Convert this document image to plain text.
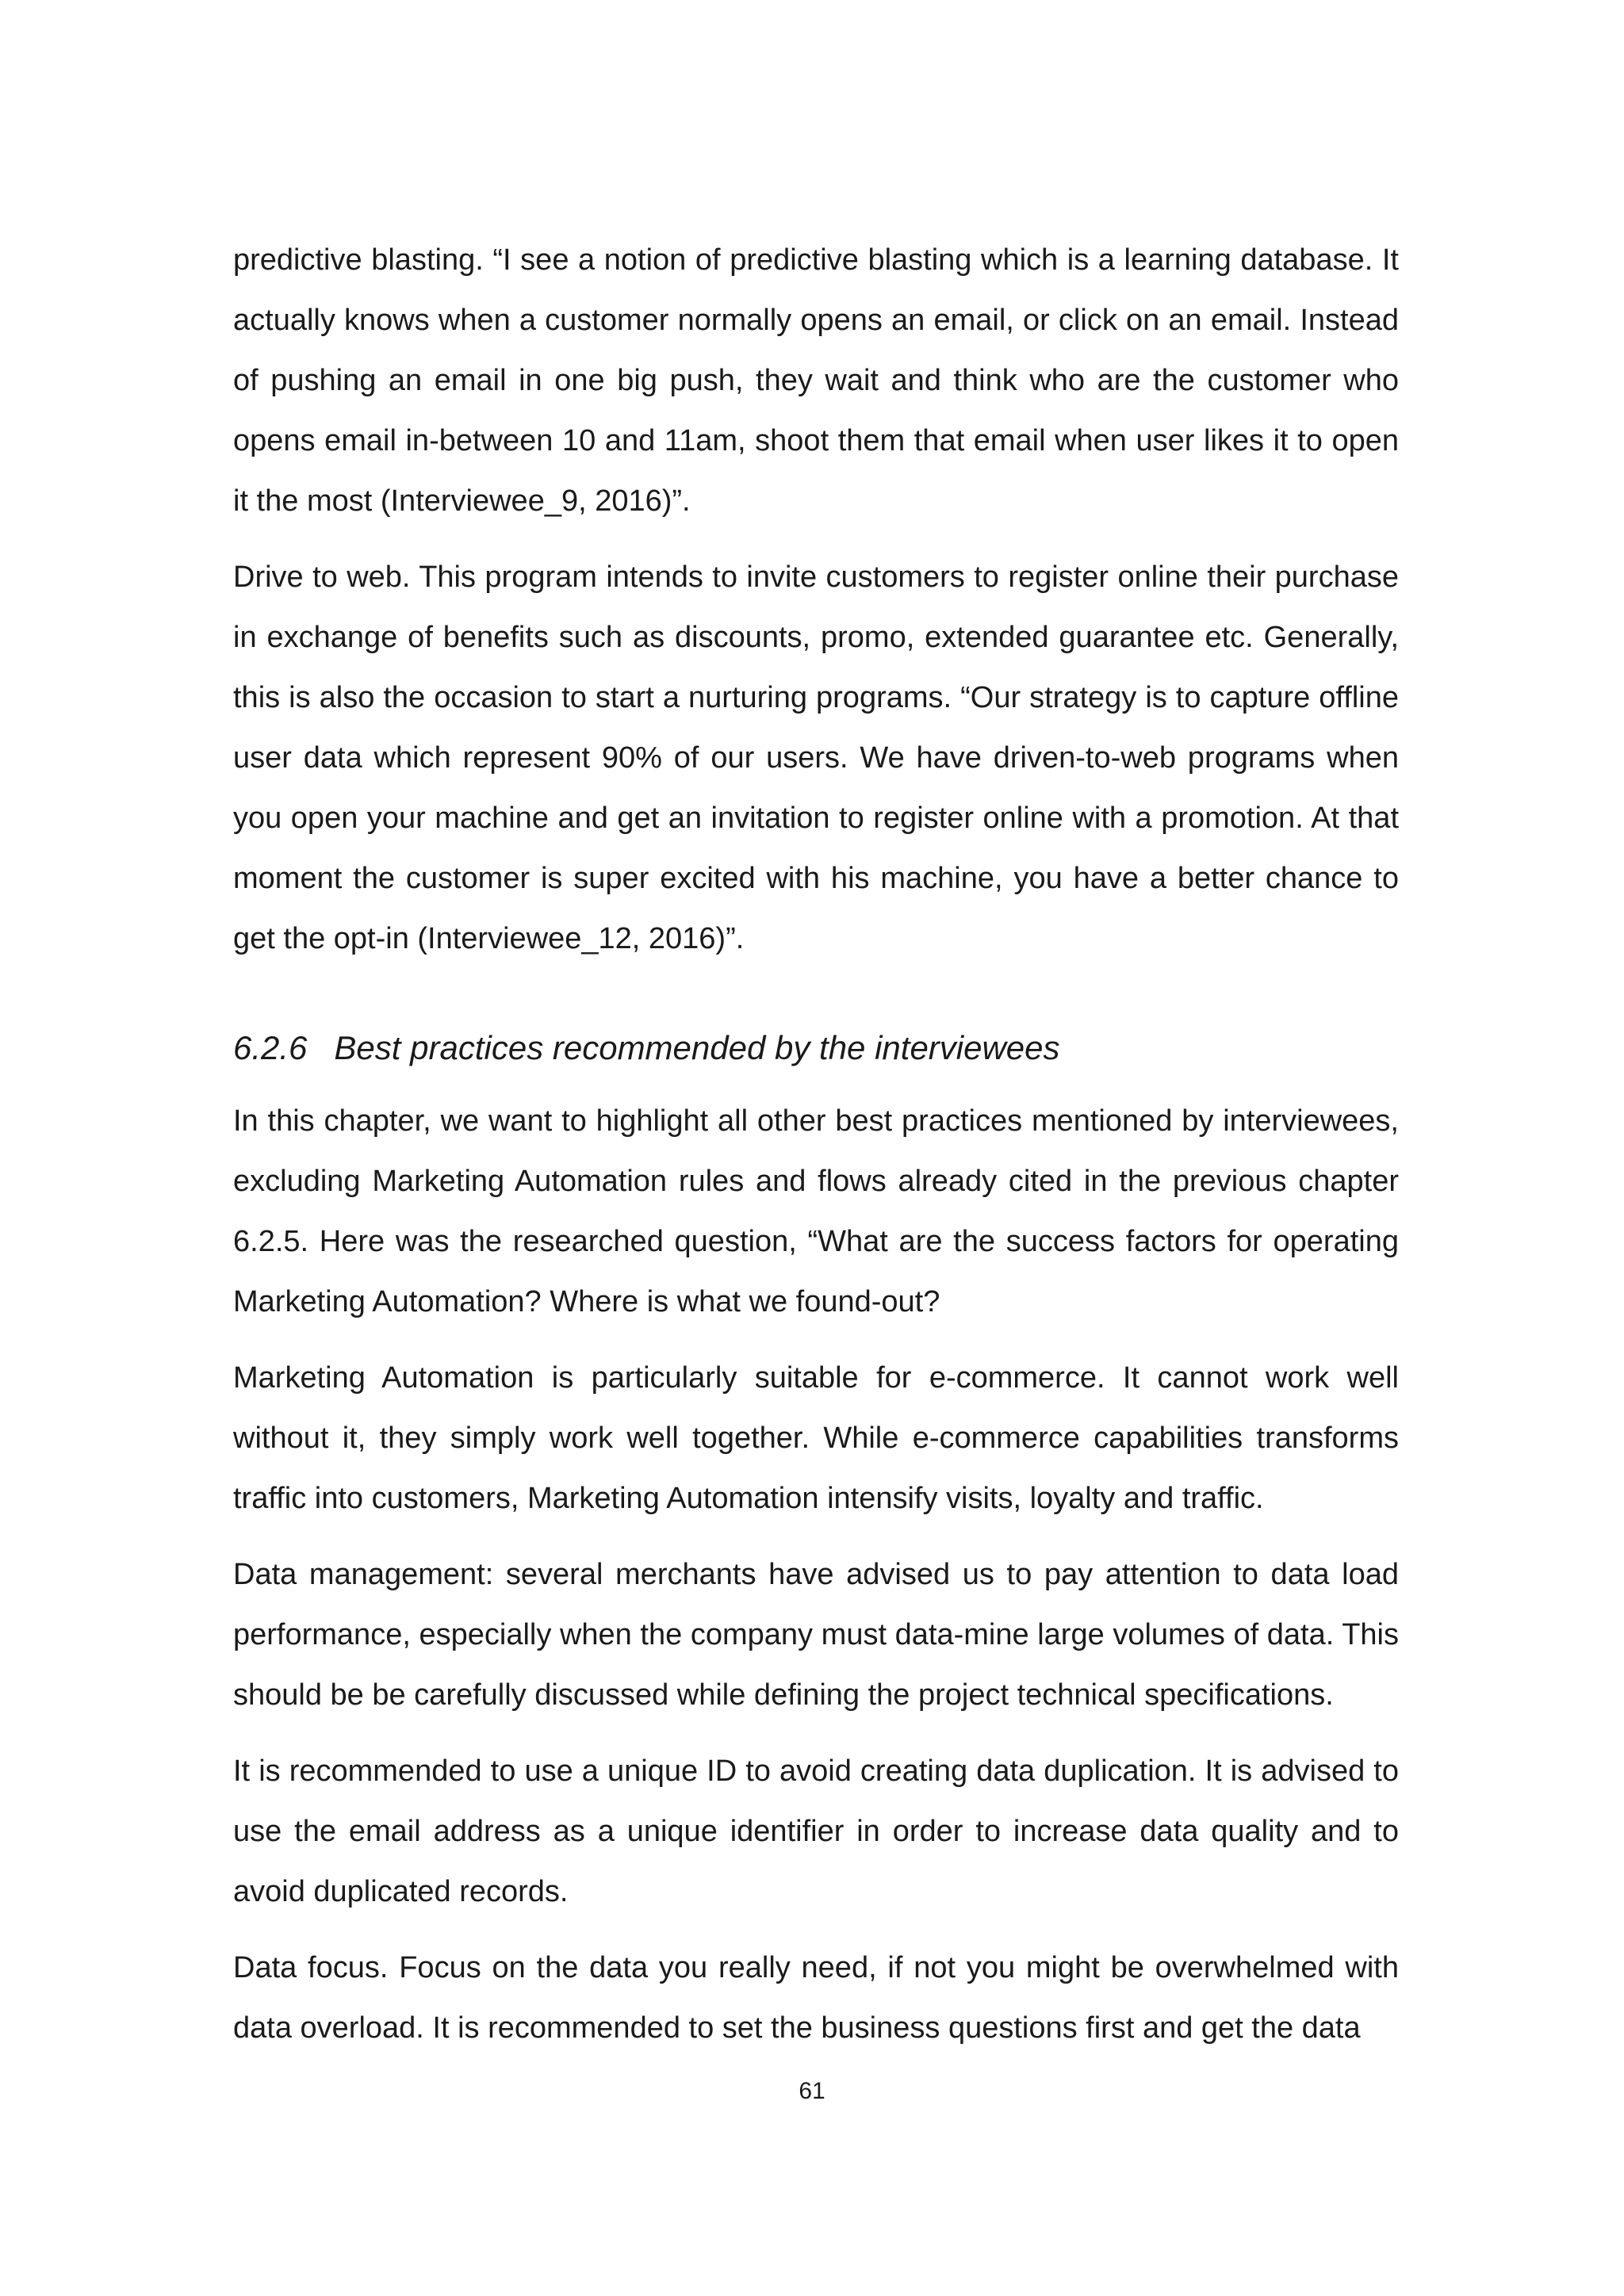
predictive blasting. “I see a notion of predictive blasting which is a learning database. It actually knows when a customer normally opens an email, or click on an email. Instead of pushing an email in one big push, they wait and think who are the customer who opens email in-between 10 and 11am, shoot them that email when user likes it to open it the most (Interviewee_9, 2016)”.

Drive to web. This program intends to invite customers to register online their purchase in exchange of benefits such as discounts, promo, extended guarantee etc. Generally, this is also the occasion to start a nurturing programs. “Our strategy is to capture offline user data which represent 90% of our users. We have driven-to-web programs when you open your machine and get an invitation to register online with a promotion. At that moment the customer is super excited with his machine, you have a better chance to get the opt-in (Interviewee_12, 2016)”.

6.2.6 Best practices recommended by the interviewees

In this chapter, we want to highlight all other best practices mentioned by interviewees, excluding Marketing Automation rules and flows already cited in the previous chapter 6.2.5. Here was the researched question, “What are the success factors for operating Marketing Automation? Where is what we found-out?

Marketing Automation is particularly suitable for e-commerce. It cannot work well without it, they simply work well together. While e-commerce capabilities transforms traffic into customers, Marketing Automation intensify visits, loyalty and traffic.

Data management: several merchants have advised us to pay attention to data load performance, especially when the company must data-mine large volumes of data. This should be be carefully discussed while defining the project technical specifications.

It is recommended to use a unique ID to avoid creating data duplication. It is advised to use the email address as a unique identifier in order to increase data quality and to avoid duplicated records.

Data focus. Focus on the data you really need, if not you might be overwhelmed with data overload. It is recommended to set the business questions first and get the data

61
